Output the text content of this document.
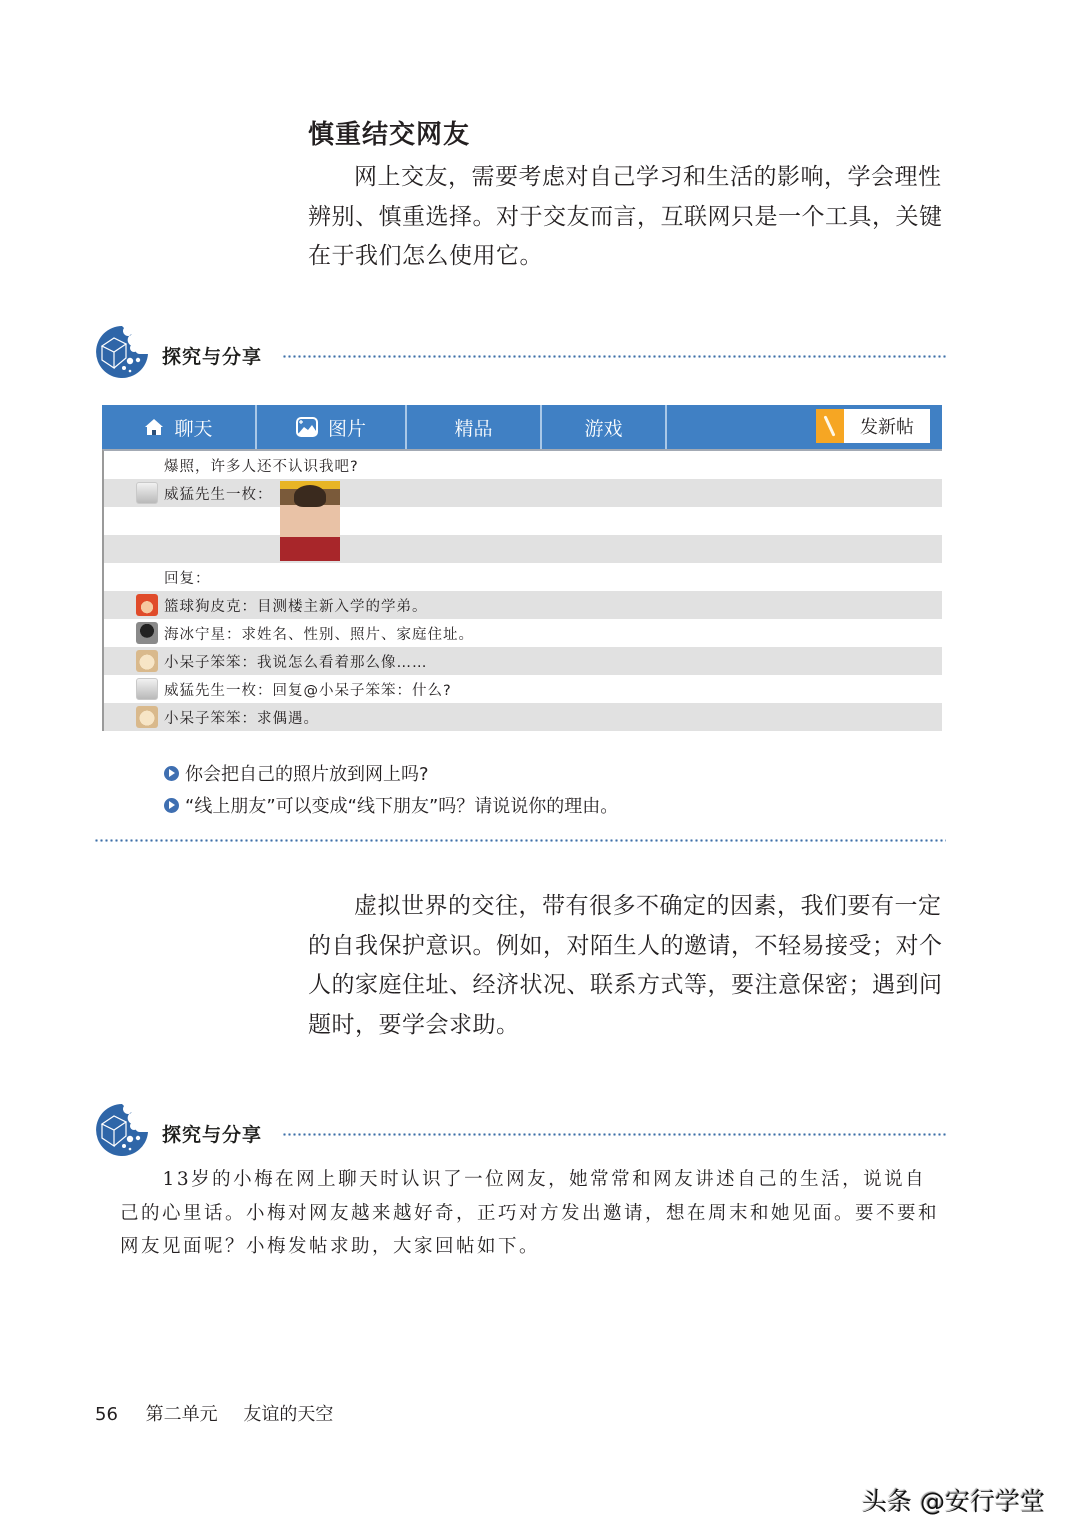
慎重结交网友
网上交友，需要考虑对自己学习和生活的影响，学会理性辨别、慎重选择。对于交友而言，互联网只是一个工具，关键在于我们怎么使用它。
探究与分享
聊天	图片	精品	游戏	发新帖
爆照，许多人还不认识我吧?
威猛先生一枚：
回复：
篮球狗皮克：目测楼主新入学的学弟。
海冰宁星：求姓名、性别、照片、家庭住址。
小呆子笨笨：我说怎么看着那么像……
威猛先生一枚：回复@小呆子笨笨：什么?
小呆子笨笨：求偶遇。
你会把自己的照片放到网上吗?
“线上朋友”可以变成“线下朋友”吗？请说说你的理由。
虚拟世界的交往，带有很多不确定的因素，我们要有一定的自我保护意识。例如，对陌生人的邀请，不轻易接受；对个人的家庭住址、经济状况、联系方式等，要注意保密；遇到问题时，要学会求助。
探究与分享
13岁的小梅在网上聊天时认识了一位网友，她常常和网友讲述自己的生活，说说自己的心里话。小梅对网友越来越好奇，正巧对方发出邀请，想在周末和她见面。要不要和网友见面呢？小梅发帖求助，大家回帖如下。
56 第二单元 友谊的天空
头条 @安行学堂
